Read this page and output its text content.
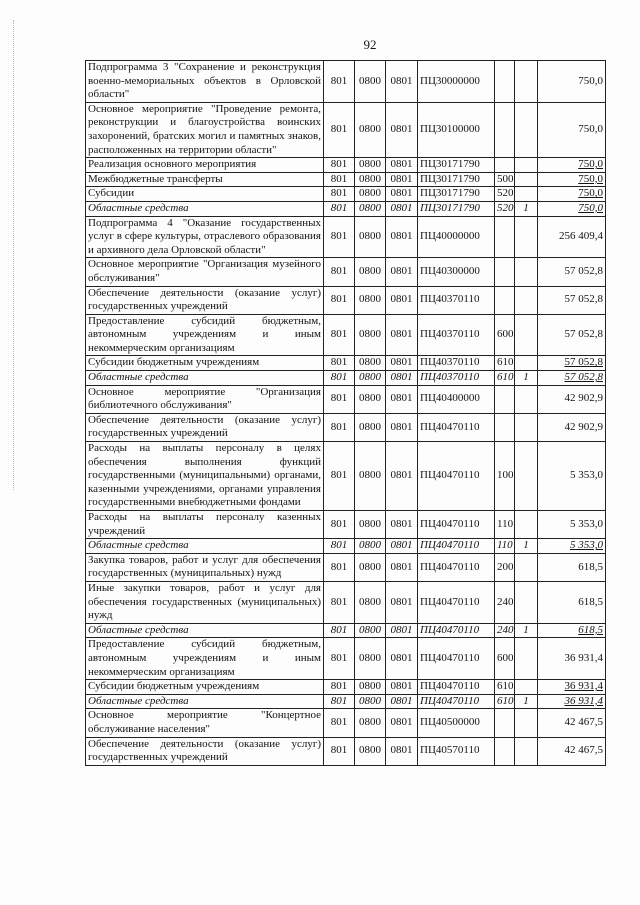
92
Подпрограмма 3 "Сохранение и реконструкция военно-мемориальных объектов в Орловской области"	801	0800	0801	ПЦ30000000			750,0
Основное мероприятие "Проведение ремонта, реконструкции и благоустройства воинских захоронений, братских могил и памятных знаков, расположенных на территории области"	801	0800	0801	ПЦ30100000			750,0
Реализация основного мероприятия	801	0800	0801	ПЦ30171790			750,0
Межбюджетные трансферты	801	0800	0801	ПЦ30171790	500		750,0
Субсидии	801	0800	0801	ПЦ30171790	520		750,0
Областные средства	801	0800	0801	ПЦ30171790	520	1	750,0
Подпрограмма 4 "Оказание государственных услуг в сфере культуры, отраслевого образования и архивного дела Орловской области"	801	0800	0801	ПЦ40000000			256 409,4
Основное мероприятие "Организация музейного обслуживания"	801	0800	0801	ПЦ40300000			57 052,8
Обеспечение деятельности (оказание услуг) государственных учреждений	801	0800	0801	ПЦ40370110			57 052,8
Предоставление субсидий бюджетным, автономным учреждениям и иным некоммерческим организациям	801	0800	0801	ПЦ40370110	600		57 052,8
Субсидии бюджетным учреждениям	801	0800	0801	ПЦ40370110	610		57 052,8
Областные средства	801	0800	0801	ПЦ40370110	610	1	57 052,8
Основное мероприятие "Организация библиотечного обслуживания"	801	0800	0801	ПЦ40400000			42 902,9
Обеспечение деятельности (оказание услуг) государственных учреждений	801	0800	0801	ПЦ40470110			42 902,9
Расходы на выплаты персоналу в целях обеспечения выполнения функций государственными (муниципальными) органами, казенными учреждениями, органами управления государственными внебюджетными фондами	801	0800	0801	ПЦ40470110	100		5 353,0
Расходы на выплаты персоналу казенных учреждений	801	0800	0801	ПЦ40470110	110		5 353,0
Областные средства	801	0800	0801	ПЦ40470110	110	1	5 353,0
Закупка товаров, работ и услуг для обеспечения государственных (муниципальных) нужд	801	0800	0801	ПЦ40470110	200		618,5
Иные закупки товаров, работ и услуг для обеспечения государственных (муниципальных) нужд	801	0800	0801	ПЦ40470110	240		618,5
Областные средства	801	0800	0801	ПЦ40470110	240	1	618,5
Предоставление субсидий бюджетным, автономным учреждениям и иным некоммерческим организациям	801	0800	0801	ПЦ40470110	600		36 931,4
Субсидии бюджетным учреждениям	801	0800	0801	ПЦ40470110	610		36 931,4
Областные средства	801	0800	0801	ПЦ40470110	610	1	36 931,4
Основное мероприятие "Концертное обслуживание населения"	801	0800	0801	ПЦ40500000			42 467,5
Обеспечение деятельности (оказание услуг) государственных учреждений	801	0800	0801	ПЦ40570110			42 467,5
